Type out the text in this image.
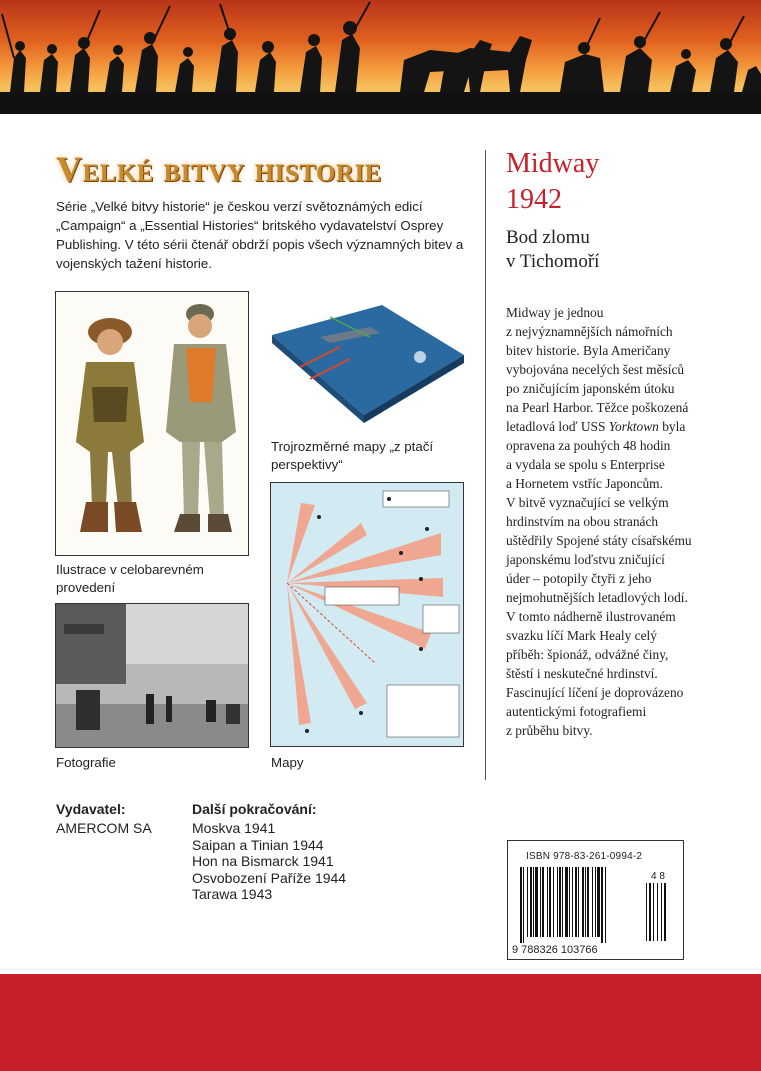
Velké bitvy historie
Série „Velké bitvy historie“ je českou verzí světoznámých edicí „Campaign“ a „Essential Histories“ britského vydavatelství Osprey Publishing. V této sérii čtenář obdrží popis všech významných bitev a vojenských tažení historie.
Ilustrace v celobarevném
provedení
Trojrozměrné mapy „z ptačí
perspektivy“
Fotografie	Mapy
Midway
1942
Bod zlomu
v Tichomoří

Midway je jednou

z nejvýznamnějších námořních

bitev historie. Byla Američany

vybojována necelých šest měsíců

po zničujícím japonském útoku

na Pearl Harbor. Těžce poškozená

letadlová loď USS Yorktown byla

opravena za pouhých 48 hodin

a vydala se spolu s Enterprise

a Hornetem vstříc Japoncům.

V bitvě vyznačující se velkým

hrdinstvím na obou stranách

uštědřily Spojené státy císařskému

japonskému loďstvu zničující

úder – potopily čtyři z jeho

nejmohutnějších letadlových lodí.

V tomto nádherně ilustrovaném

svazku líčí Mark Healy celý

příběh: špionáž, odvážné činy,

štěstí i neskutečné hrdinství.

Fascinující líčení je doprovázeno

autentickými fotografiemi

z průběhu bitvy.

Vydavatel:
AMERCOM SA
Další pokračování:
Moskva 1941
Saipan a Tinian 1944
Hon na Bismarck 1941
Osvobození Paříže 1944
Tarawa 1943
ISBN 978-83-261-0994-2
9 788326 103766
4 8
